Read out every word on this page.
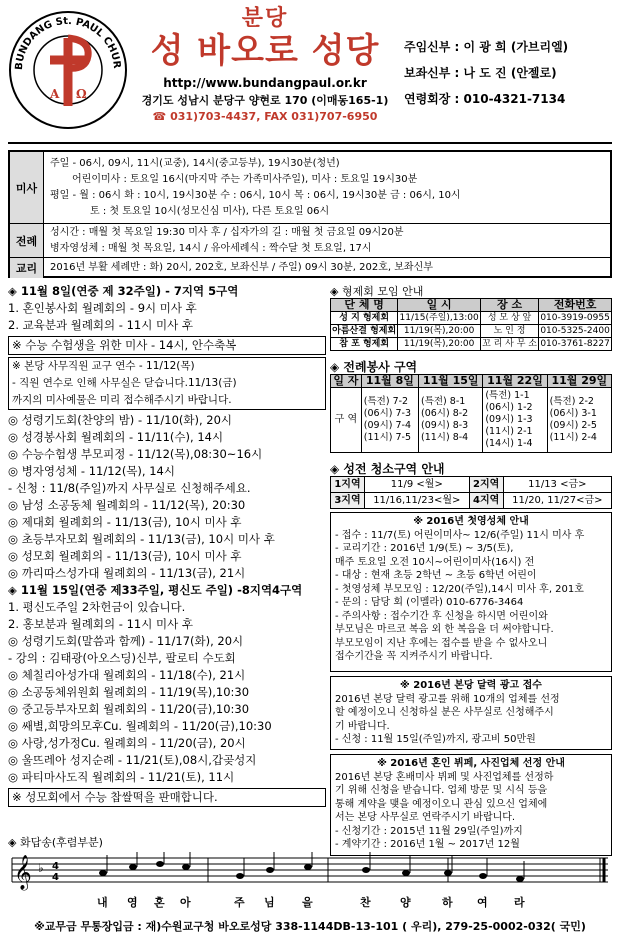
A Ω
BUNDANG St. PAUL CHUR
분당
성 바오로 성당
http://www.bundangpaul.or.kr
경기도 성남시 분당구 양현로 170 (이매동165-1)
☎ 031)703-4437, FAX 031)707-6950
주임신부 : 이 광 희 (가브리엘)
보좌신부 : 나 도 진 (안젤로)
연령회장 : 010-4321-7134
미사
주일 - 06시, 09시, 11시(교중), 14시(중고등부), 19시30분(청년)
어린이미사 : 토요일 16시(마지막 주는 가족미사주일), 미사 : 토요일 19시30분
평일 - 월 : 06시 화 : 10시, 19시30분 수 : 06시, 10시 목 : 06시, 19시30분 금 : 06시, 10시
토 : 첫 토요일 10시(성모신심 미사), 다른 토요일 06시
전례
성시간 : 매월 첫 목요일 19:30 미사 후 / 십자가의 길 : 매월 첫 금요일 09시20분
병자영성체 : 매월 첫 목요일, 14시 / 유아세례식 : 짝수달 첫 토요일, 17시
교리	2016년 부활 세례반 : 화) 20시, 202호, 보좌신부 / 주일) 09시 30분, 202호, 보좌신부
◈ 11월 8일(연중 제 32주일) - 7지역 5구역
1. 혼인봉사회 월례회의 - 9시 미사 후
2. 교육분과 월례회의 - 11시 미사 후
※ 수능 수험생을 위한 미사 - 14시, 안수축복
※ 본당 사무직원 교구 연수 - 11/12(목)
- 직원 연수로 인해 사무실은 닫습니다.11/13(금)
까지의 미사예물은 미리 접수해주시기 바랍니다.
◎ 성령기도회(찬양의 밤) - 11/10(화), 20시
◎ 성경봉사회 월례회의 - 11/11(수), 14시
◎ 수능수험생 부모피정 - 11/12(목),08:30~16시
◎ 병자영성체 - 11/12(목), 14시
- 신청 : 11/8(주일)까지 사무실로 신청해주세요.
◎ 남성 소공동체 월례회의 - 11/12(목), 20:30
◎ 제대회 월례회의 - 11/13(금), 10시 미사 후
◎ 초등부자모회 월례회의 - 11/13(금), 10시 미사 후
◎ 성모회 월례회의 - 11/13(금), 10시 미사 후
◎ 까리따스성가대 월례회의 - 11/13(금), 21시
◈ 11월 15일(연중 제33주일, 평신도 주일) -8지역4구역
1. 평신도주일 2차헌금이 있습니다.
2. 홍보분과 월례회의 - 11시 미사 후
◎ 성령기도회(말씀과 함께) - 11/17(화), 20시
- 강의 : 김태광(아오스딩)신부, 팔로티 수도회
◎ 체칠리아성가대 월례회의 - 11/18(수), 21시
◎ 소공동체위원회 월례회의 - 11/19(목),10:30
◎ 중고등부자모회 월례회의 - 11/20(금),10:30
◎ 쌔별,희망의모후Cu. 월례회의 - 11/20(금),10:30
◎ 사랑,성가정Cu. 월례회의 - 11/20(금), 20시
◎ 울뜨레아 성지순례 - 11/21(토),08시,갑곶성지
◎ 파티마사도직 월례회의 - 11/21(토), 11시
※ 성모회에서 수능 찹쌀떡을 판매합니다.
◈ 화답송(후렴부분)
𝄞 ♭ 4
4
내 영 혼 아	주 님 을	찬	양	하 여 라
◈ 형제회 모임 안내
단 체 명	일 시	장 소	전화번호
성 지 형제회	11/15(주일),13:00	성 모 상 앞	010-3919-0955
아름산결 형제회	11/19(목),20:00	노 인 정	010-5325-2400
참 포 형제회	11/19(목),20:00	꼬 리 사 무 소	010-3761-8227
◈ 전례봉사 구역
일 자	11월 8일	11월 15일	11월 22일	11월 29일
구 역	(특전) 7-2
(06시) 7-3
(09시) 7-4
(11시) 7-5	(특전) 8-1
(06시) 8-2
(09시) 8-3
(11시) 8-4	(특전) 1-1
(06시) 1-2
(09시) 1-3
(11시) 2-1
(14시) 1-4	(특전) 2-2
(06시) 3-1
(09시) 2-5
(11시) 2-4
◈ 성전 청소구역 안내
1지역	11/9 <월>	2지역	11/13 <금>
3지역	11/16,11/23<월>	4지역	11/20, 11/27<금>
※ 2016년 첫영성체 안내
- 접수 : 11/7(토) 어린이미사~ 12/6(주일) 11시 미사 후
- 교리기간 : 2016년 1/9(토) ~ 3/5(토),
매주 토요일 오전 10시~어린이미사(16시) 전
- 대상 : 현재 초등 2학년 ~ 초등 6학년 어린이
- 첫영성체 부모모임 : 12/20(주일),14시 미사 후, 201호
- 문의 : 담당 회 (이멜라) 010-6776-3464
- 주의사항 : 접수기간 후 신청을 하시면 어린이와
부모님은 마르코 복음 외 한 복음을 더 써야합니다.
부모모임이 지난 후에는 접수를 받을 수 없사오니
접수기간을 꼭 지켜주시기 바랍니다.
※ 2016년 본당 달력 광고 접수
2016년 본당 달력 광고를 위해 10개의 업체를 선정
할 예정이오니 신청하실 분은 사무실로 신청해주시
기 바랍니다.
- 신청 : 11월 15일(주일)까지, 광고비 50만원
※ 2016년 혼인 뷔페, 사진업체 선정 안내
2016년 본당 혼배미사 뷔페 및 사진업체를 선정하
기 위해 신청을 받습니다. 업체 방문 및 시식 등을
통해 계약을 맺을 예정이오니 관심 있으신 업체에
서는 본당 사무실로 연락주시기 바랍니다.
- 신청기간 : 2015년 11월 29일(주일)까지
- 계약기간 : 2016년 1월 ~ 2017년 12월
※교무금 무통장입금 : 재)수원교구청 바오로성당 338-1144DB-13-101 ( 우리), 279-25-0002-032( 국민)
